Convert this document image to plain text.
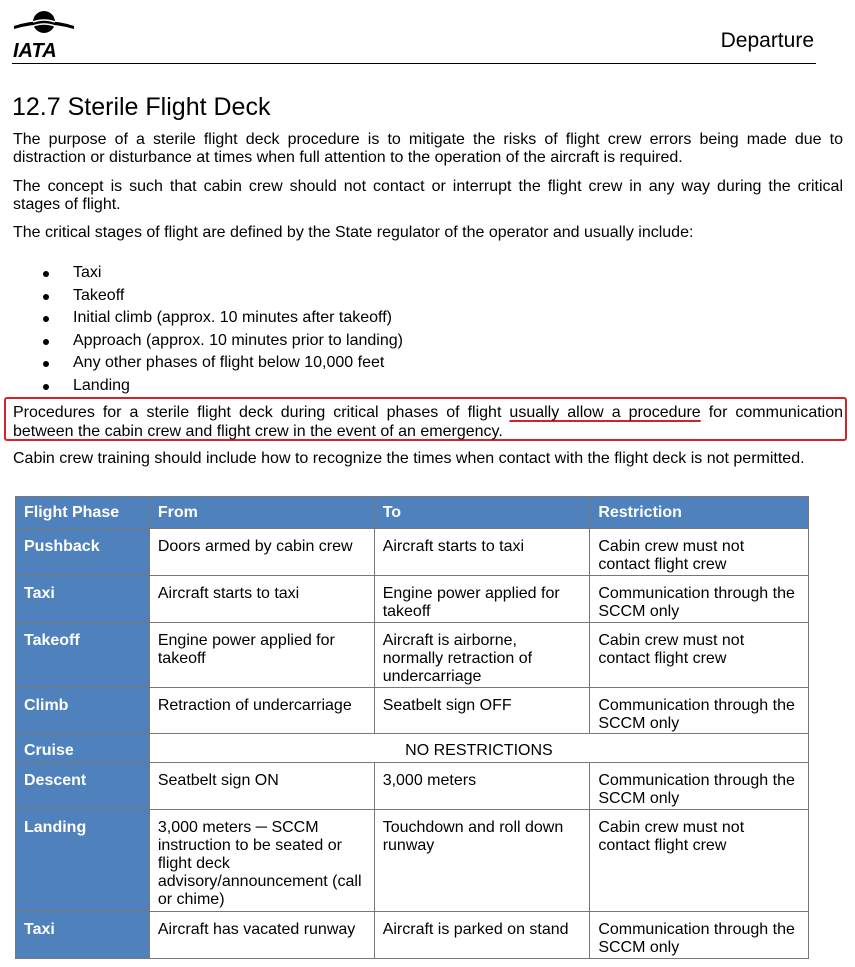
IATA	Departure
12.7 Sterile Flight Deck

The purpose of a sterile flight deck procedure is to mitigate the risks of flight crew errors being made due to distraction or disturbance at times when full attention to the operation of the aircraft is required.

The concept is such that cabin crew should not contact or interrupt the flight crew in any way during the critical stages of flight.

The critical stages of flight are defined by the State regulator of the operator and usually include:

Taxi
Takeoff
Initial climb (approx. 10 minutes after takeoff)
Approach (approx. 10 minutes prior to landing)
Any other phases of flight below 10,000 feet
Landing

Procedures for a sterile flight deck during critical phases of flight usually allow a procedure for communication between the cabin crew and flight crew in the event of an emergency.

Cabin crew training should include how to recognize the times when contact with the flight deck is not permitted.

Flight Phase	From	To	Restriction
Pushback	Doors armed by cabin crew	Aircraft starts to taxi	Cabin crew must not contact flight crew
Taxi	Aircraft starts to taxi	Engine power applied for takeoff	Communication through the SCCM only
Takeoff	Engine power applied for takeoff	Aircraft is airborne, normally retraction of undercarriage	Cabin crew must not contact flight crew
Climb	Retraction of undercarriage	Seatbelt sign OFF	Communication through the SCCM only
Cruise	NO RESTRICTIONS		
Descent	Seatbelt sign ON	3,000 meters	Communication through the SCCM only
Landing	3,000 meters ─ SCCM instruction to be seated or flight deck advisory/announcement (call or chime)	Touchdown and roll down runway	Cabin crew must not contact flight crew
Taxi	Aircraft has vacated runway	Aircraft is parked on stand	Communication through the SCCM only
